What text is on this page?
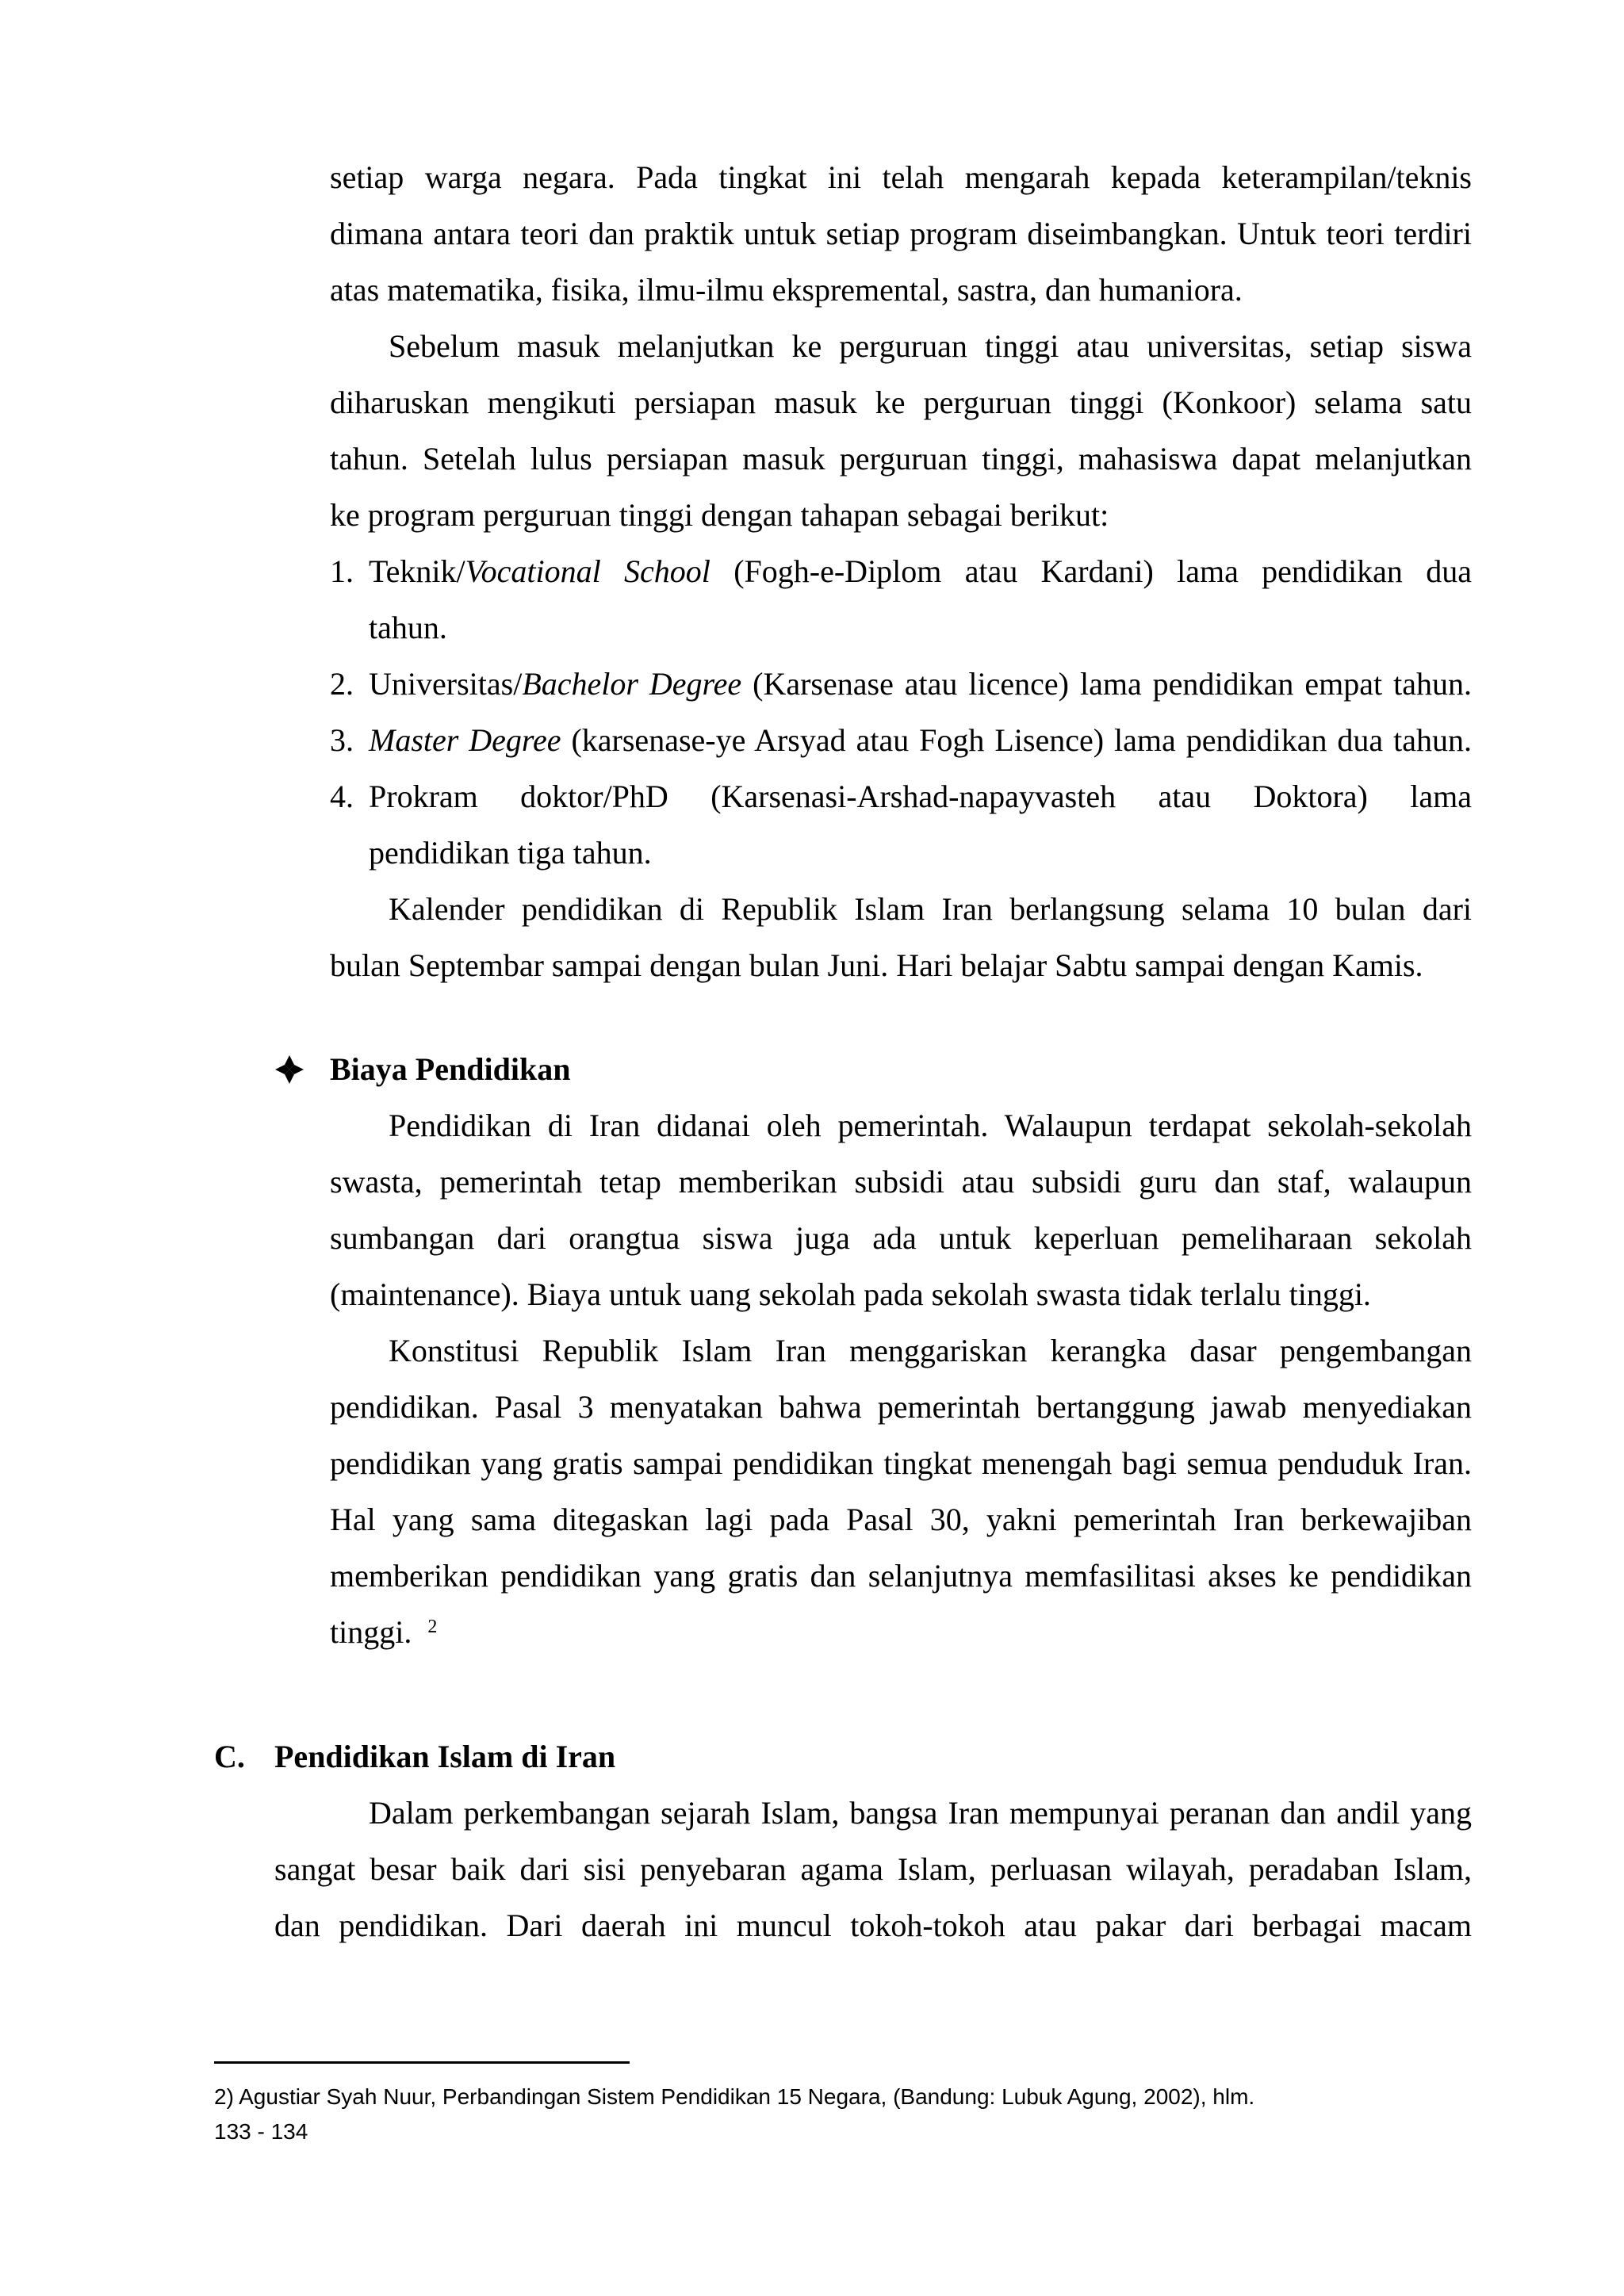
setiap warga negara. Pada tingkat ini telah mengarah kepada keterampilan/teknis
dimana antara teori dan praktik untuk setiap program diseimbangkan. Untuk teori terdiri
atas matematika, fisika, ilmu-ilmu ekspremental, sastra, dan humaniora.
Sebelum masuk melanjutkan ke perguruan tinggi atau universitas, setiap siswa
diharuskan mengikuti persiapan masuk ke perguruan tinggi (Konkoor) selama satu
tahun. Setelah lulus persiapan masuk perguruan tinggi, mahasiswa dapat melanjutkan
ke program perguruan tinggi dengan tahapan sebagai berikut:
1. Teknik/Vocational School (Fogh-e-Diplom atau Kardani) lama pendidikan dua
tahun.
2. Universitas/Bachelor Degree (Karsenase atau licence) lama pendidikan empat tahun.
3. Master Degree (karsenase-ye Arsyad atau Fogh Lisence) lama pendidikan dua tahun.
4. Prokram doktor/PhD (Karsenasi-Arshad-napayvasteh atau Doktora) lama
pendidikan tiga tahun.
Kalender pendidikan di Republik Islam Iran berlangsung selama 10 bulan dari
bulan Septembar sampai dengan bulan Juni. Hari belajar Sabtu sampai dengan Kamis.
Biaya Pendidikan
Pendidikan di Iran didanai oleh pemerintah. Walaupun terdapat sekolah-sekolah
swasta, pemerintah tetap memberikan subsidi atau subsidi guru dan staf, walaupun
sumbangan dari orangtua siswa juga ada untuk keperluan pemeliharaan sekolah
(maintenance). Biaya untuk uang sekolah pada sekolah swasta tidak terlalu tinggi.
Konstitusi Republik Islam Iran menggariskan kerangka dasar pengembangan
pendidikan. Pasal 3 menyatakan bahwa pemerintah bertanggung jawab menyediakan
pendidikan yang gratis sampai pendidikan tingkat menengah bagi semua penduduk Iran.
Hal yang sama ditegaskan lagi pada Pasal 30, yakni pemerintah Iran berkewajiban
memberikan pendidikan yang gratis dan selanjutnya memfasilitasi akses ke pendidikan
tinggi. $^2$
C. Pendidikan Islam di Iran
Dalam perkembangan sejarah Islam, bangsa Iran mempunyai peranan dan andil yang
sangat besar baik dari sisi penyebaran agama Islam, perluasan wilayah, peradaban Islam,
dan pendidikan. Dari daerah ini muncul tokoh-tokoh atau pakar dari berbagai macam
2) Agustiar Syah Nuur, Perbandingan Sistem Pendidikan 15 Negara, (Bandung: Lubuk Agung, 2002), hlm.
133 - 134
